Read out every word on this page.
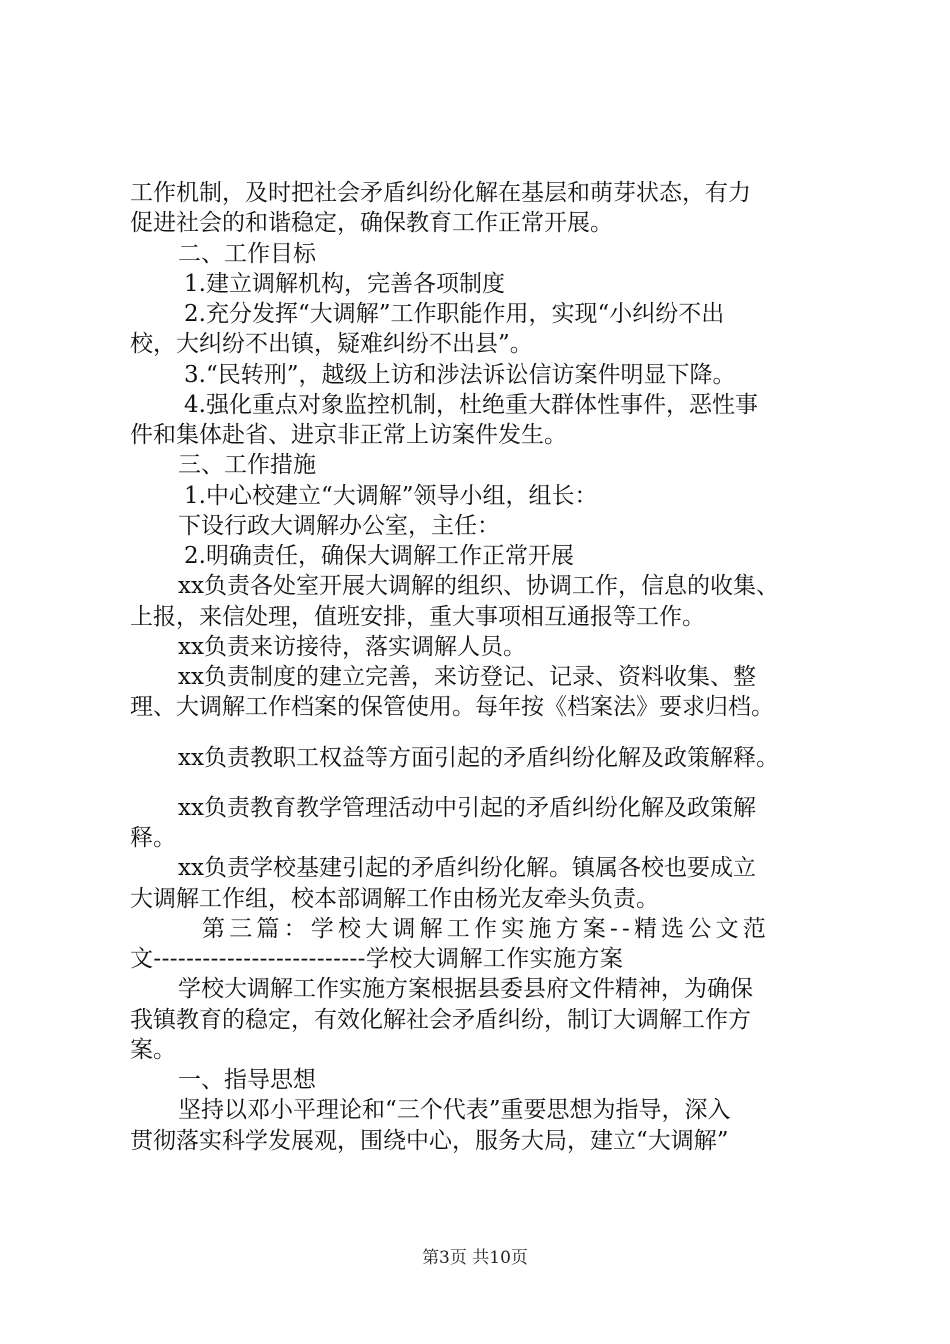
工作机制，及时把社会矛盾纠纷化解在基层和萌芽状态，有力
促进社会的和谐稳定，确保教育工作正常开展。
二、工作目标
1.建立调解机构，完善各项制度
2.充分发挥“大调解”工作职能作用，实现“小纠纷不出
校，大纠纷不出镇，疑难纠纷不出县”。
3.“民转刑”，越级上访和涉法诉讼信访案件明显下降。
4.强化重点对象监控机制，杜绝重大群体性事件，恶性事
件和集体赴省、进京非正常上访案件发生。
三、工作措施
1.中心校建立“大调解”领导小组，组长：
下设行政大调解办公室，主任：
2.明确责任，确保大调解工作正常开展
xx负责各处室开展大调解的组织、协调工作，信息的收集、
上报，来信处理，值班安排，重大事项相互通报等工作。
xx负责来访接待，落实调解人员。
xx负责制度的建立完善，来访登记、记录、资料收集、整
理、大调解工作档案的保管使用。每年按《档案法》要求归档。
xx负责教职工权益等方面引起的矛盾纠纷化解及政策解释。
xx负责教育教学管理活动中引起的矛盾纠纷化解及政策解
释。
xx负责学校基建引起的矛盾纠纷化解。镇属各校也要成立
大调解工作组，校本部调解工作由杨光友牵头负责。
第三篇：学校大调解工作实施方案--精选公文范
文--------------------------学校大调解工作实施方案
学校大调解工作实施方案根据县委县府文件精神，为确保
我镇教育的稳定，有效化解社会矛盾纠纷，制订大调解工作方
案。
一、指导思想
坚持以邓小平理论和“三个代表”重要思想为指导，深入
贯彻落实科学发展观，围绕中心，服务大局，建立“大调解”
第3页 共10页
